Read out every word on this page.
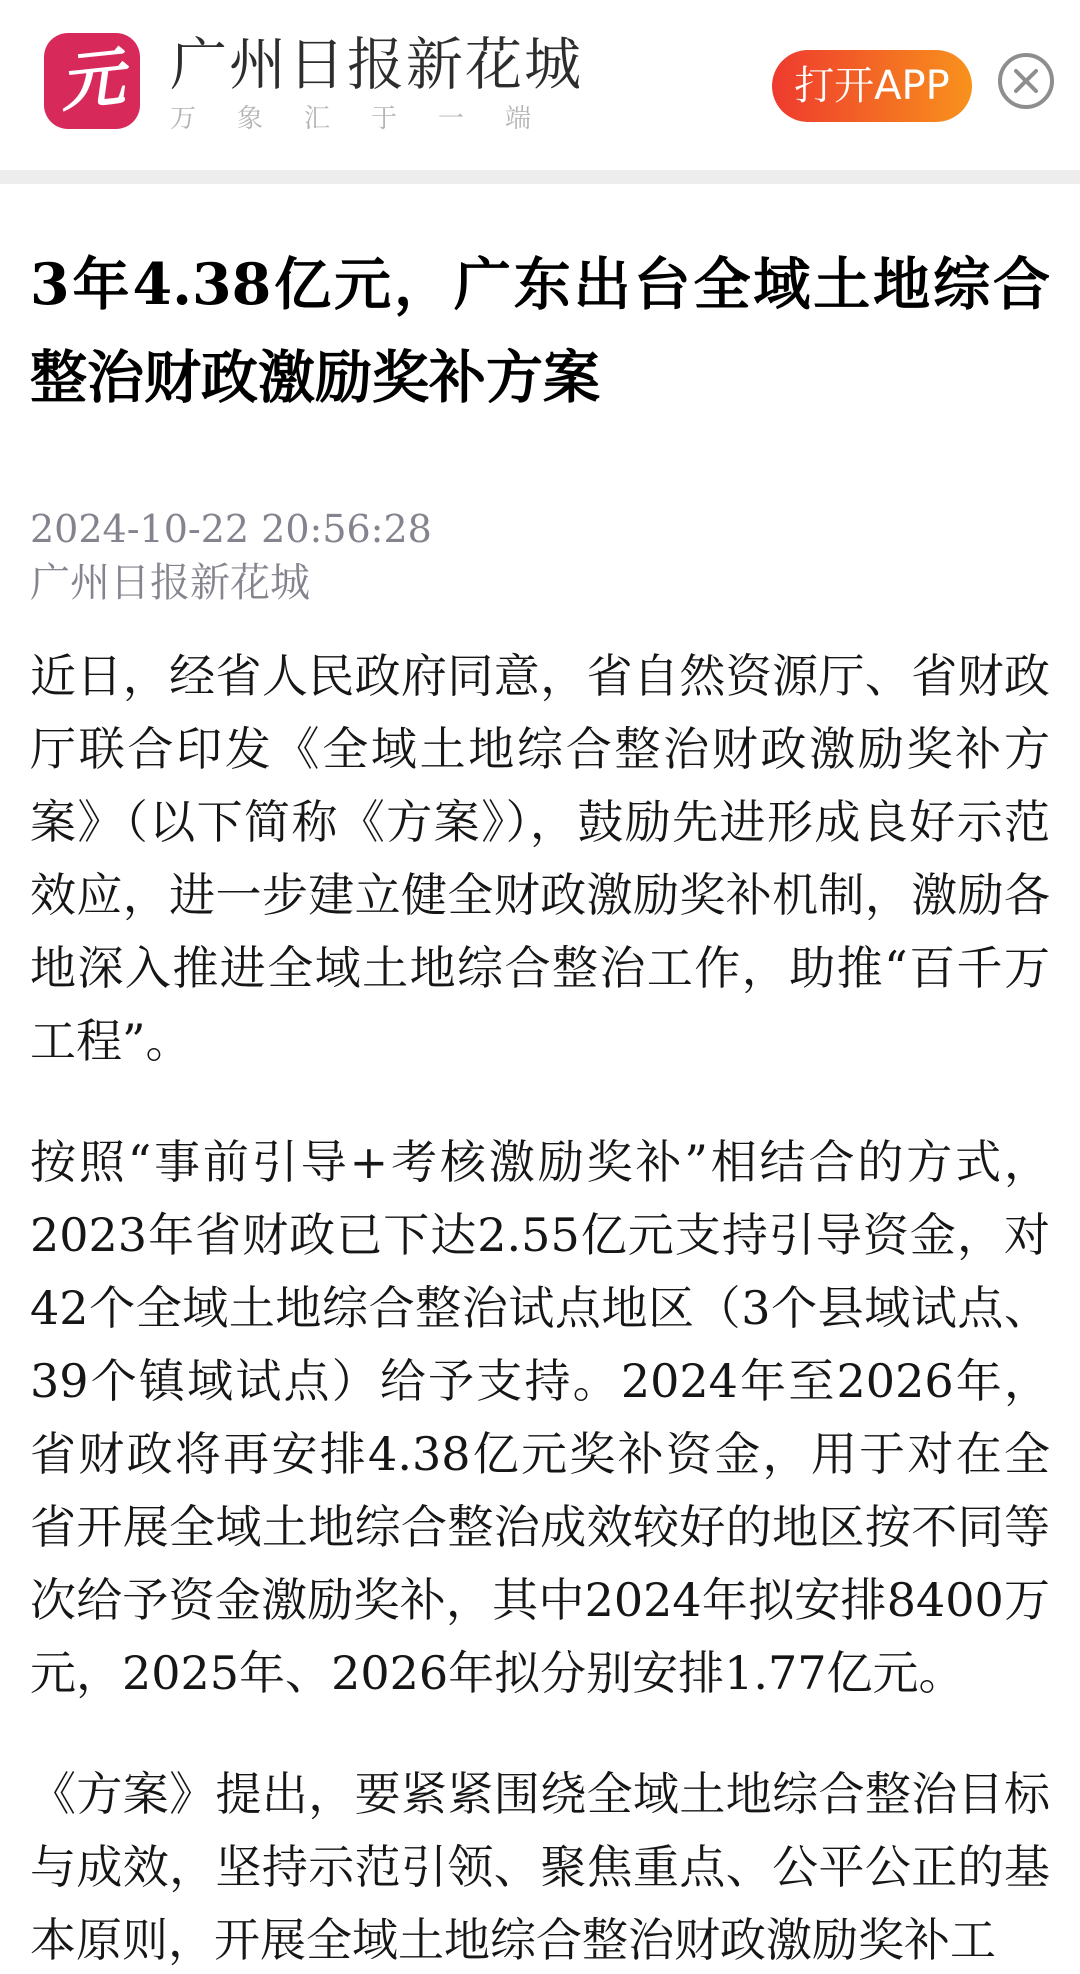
元 广州日报新花城
万象汇于一端
打开APP
3年4.38亿元，广东出台全域土地综合整治财政激励奖补方案
2024-10-22 20:56:28
广州日报新花城

近日，经省人民政府同意，省自然资源厅、省财政厅联合印发《全域土地综合整治财政激励奖补方案》（以下简称《方案》），鼓励先进形成良好示范效应，进一步建立健全财政激励奖补机制，激励各地深入推进全域土地综合整治工作，助推“百千万工程”。

按照“事前引导+考核激励奖补”相结合的方式，2023年省财政已下达2.55亿元支持引导资金，对42个全域土地综合整治试点地区（3个县域试点、39个镇域试点）给予支持。2024年至2026年，省财政将再安排4.38亿元奖补资金，用于对在全省开展全域土地综合整治成效较好的地区按不同等次给予资金激励奖补，其中2024年拟安排8400万元，2025年、2026年拟分别安排1.77亿元。

《方案》提出，要紧紧围绕全域土地综合整治目标与成效，坚持示范引领、聚焦重点、公平公正的基本原则，开展全域土地综合整治财政激励奖补工
